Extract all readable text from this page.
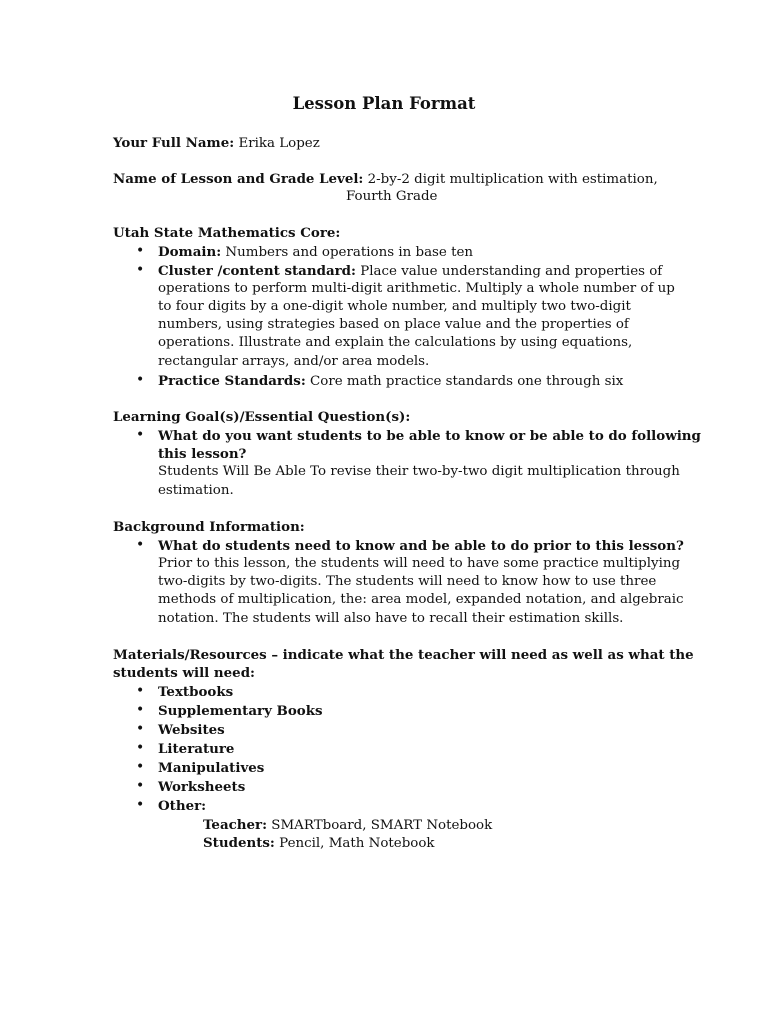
Lesson Plan Format
Your Full Name: Erika Lopez
Name of Lesson and Grade Level: 2-by-2 digit multiplication with estimation,
Fourth Grade
Utah State Mathematics Core:
• Domain: Numbers and operations in base ten
• Cluster /content standard: Place value understanding and properties of
operations to perform multi-digit arithmetic. Multiply a whole number of up
to four digits by a one-digit whole number, and multiply two two-digit
numbers, using strategies based on place value and the properties of
operations. Illustrate and explain the calculations by using equations,
rectangular arrays, and/or area models.
• Practice Standards: Core math practice standards one through six
Learning Goal(s)/Essential Question(s):
• What do you want students to be able to know or be able to do following
this lesson?
Students Will Be Able To revise their two-by-two digit multiplication through
estimation.
Background Information:
• What do students need to know and be able to do prior to this lesson?
Prior to this lesson, the students will need to have some practice multiplying
two-digits by two-digits. The students will need to know how to use three
methods of multiplication, the: area model, expanded notation, and algebraic
notation. The students will also have to recall their estimation skills.
Materials/Resources – indicate what the teacher will need as well as what the
students will need:
• Textbooks
• Supplementary Books
• Websites
• Literature
• Manipulatives
• Worksheets
• Other:
Teacher: SMARTboard, SMART Notebook
Students: Pencil, Math Notebook
